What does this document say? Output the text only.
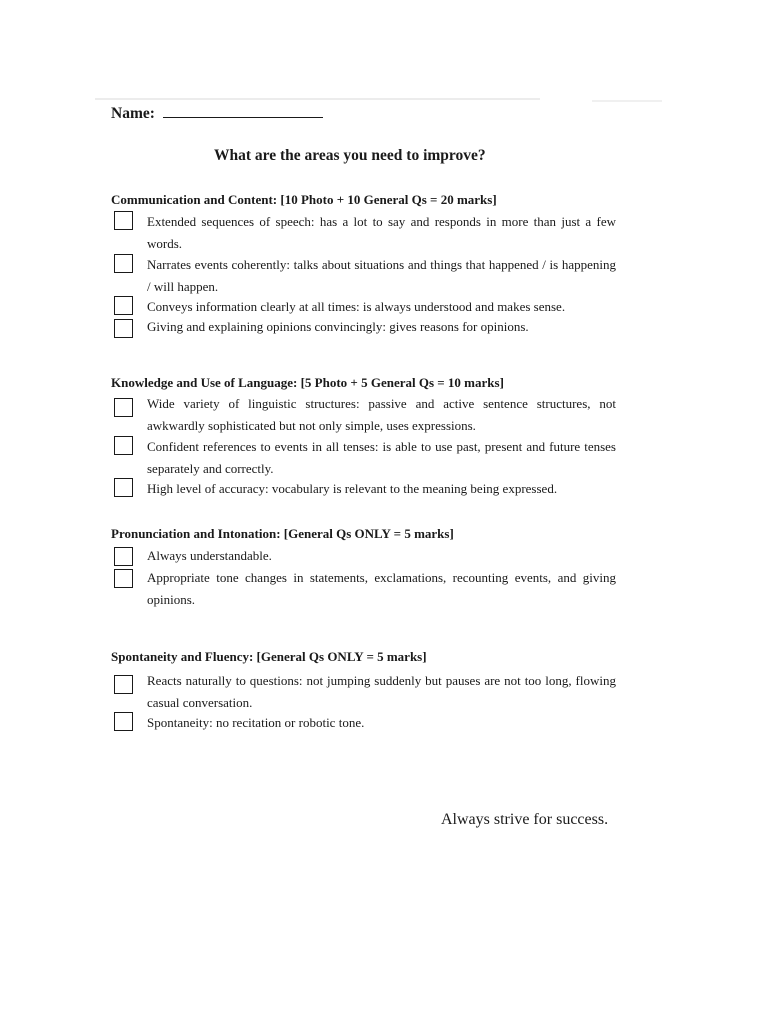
Name:
What are the areas you need to improve?
Communication and Content: [10 Photo + 10 General Qs = 20 marks]
Extended sequences of speech: has a lot to say and responds in more than just a few words.
Narrates events coherently: talks about situations and things that happened / is happening / will happen.
Conveys information clearly at all times: is always understood and makes sense.
Giving and explaining opinions convincingly: gives reasons for opinions.
Knowledge and Use of Language: [5 Photo + 5 General Qs = 10 marks]
Wide variety of linguistic structures: passive and active sentence structures, not awkwardly sophisticated but not only simple, uses expressions.
Confident references to events in all tenses: is able to use past, present and future tenses separately and correctly.
High level of accuracy: vocabulary is relevant to the meaning being expressed.
Pronunciation and Intonation: [General Qs ONLY = 5 marks]
Always understandable.
Appropriate tone changes in statements, exclamations, recounting events, and giving opinions.
Spontaneity and Fluency: [General Qs ONLY = 5 marks]
Reacts naturally to questions: not jumping suddenly but pauses are not too long, flowing casual conversation.
Spontaneity: no recitation or robotic tone.
Always strive for success.
